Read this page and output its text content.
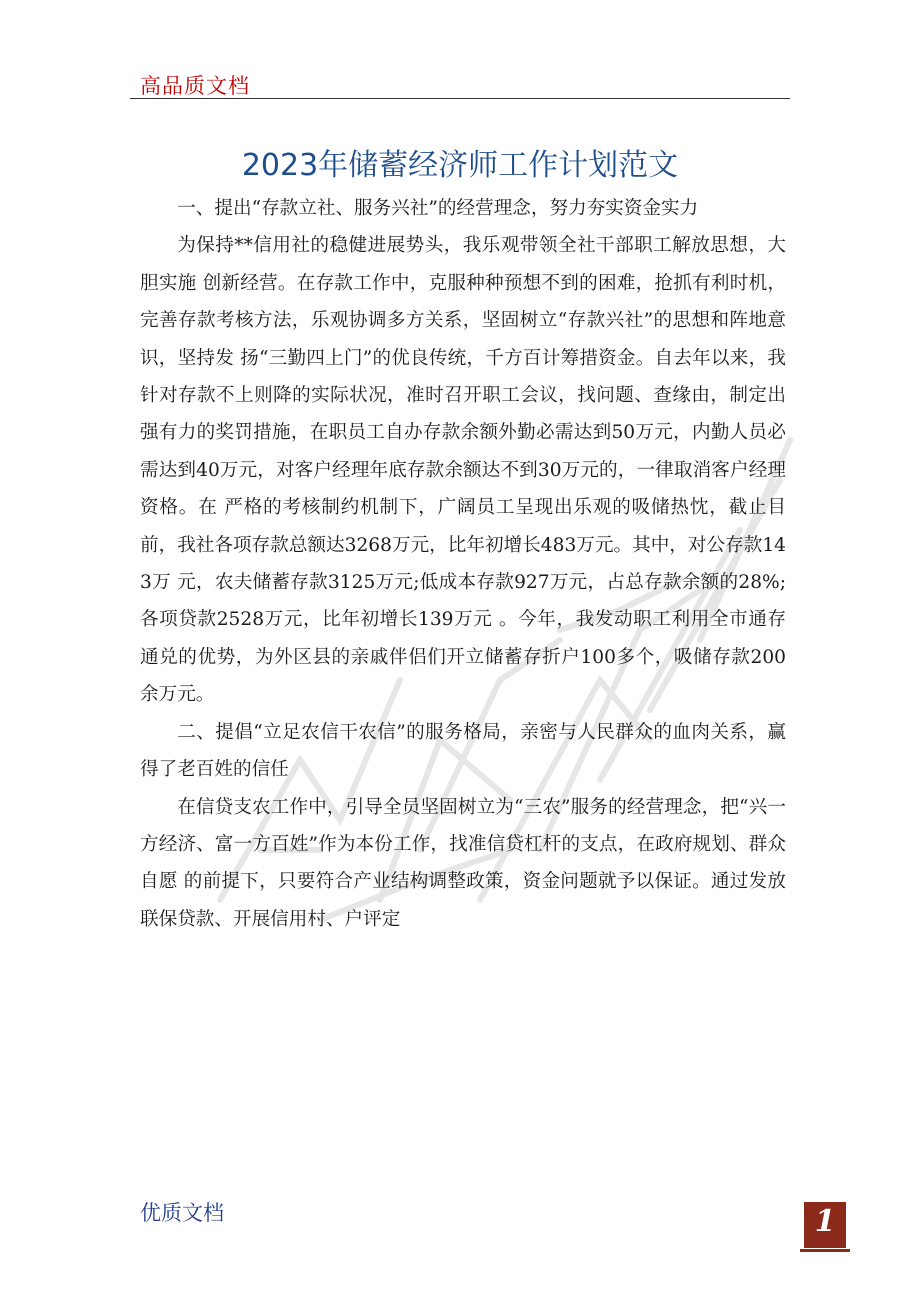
高品质文档
2023年储蓄经济师工作计划范文

一、提出“存款立社、服务兴社”的经营理念，努力夯实资金实力

为保持**信用社的稳健进展势头，我乐观带领全社干部职工解放思想，大胆实施 创新经营。在存款工作中，克服种种预想不到的困难，抢抓有利时机，完善存款考核方法，乐观协调多方关系，坚固树立“存款兴社”的思想和阵地意识，坚持发 扬“三勤四上门”的优良传统，千方百计筹措资金。自去年以来，我针对存款不上则降的实际状况，准时召开职工会议，找问题、查缘由，制定出强有力的奖罚措施，在职员工自办存款余额外勤必需达到50万元，内勤人员必需达到40万元，对客户经理年底存款余额达不到30万元的，一律取消客户经理资格。在 严格的考核制约机制下，广阔员工呈现出乐观的吸储热忱，截止目前，我社各项存款总额达3268万元，比年初增长483万元。其中，对公存款143万 元，农夫储蓄存款3125万元;低成本存款927万元，占总存款余额的28%;各项贷款2528万元，比年初增长139万元 。今年，我发动职工利用全市通存通兑的优势，为外区县的亲戚伴侣们开立储蓄存折户100多个，吸储存款200余万元。

二、提倡“立足农信干农信”的服务格局，亲密与人民群众的血肉关系，赢得了老百姓的信任

在信贷支农工作中，引导全员坚固树立为“三农”服务的经营理念，把“兴一方经济、富一方百姓”作为本份工作，找准信贷杠杆的支点，在政府规划、群众自愿 的前提下，只要符合产业结构调整政策，资金问题就予以保证。通过发放联保贷款、开展信用村、户评定

优质文档	1
